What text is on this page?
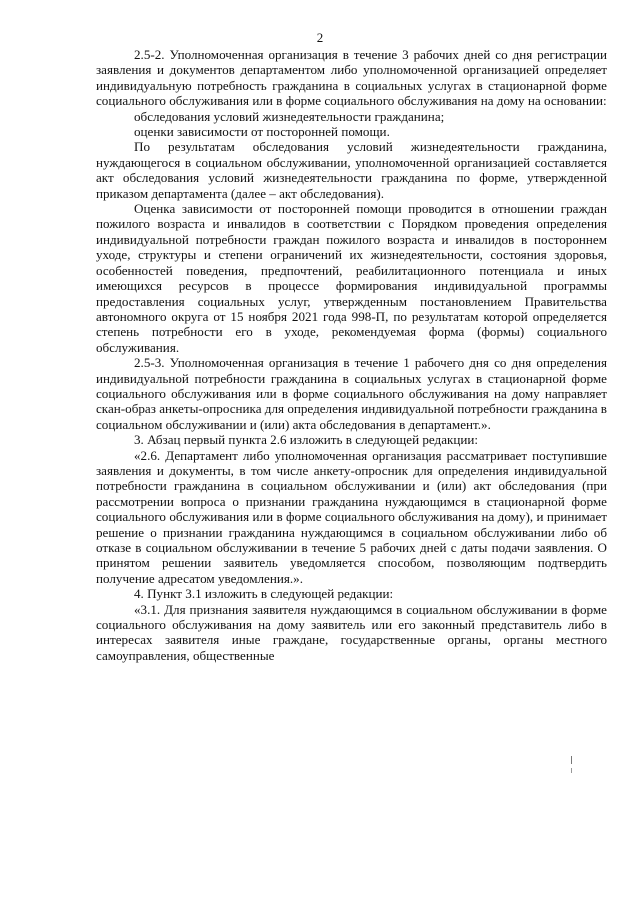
2

2.5-2. Уполномоченная организация в течение 3 рабочих дней со дня регистрации заявления и документов департаментом либо уполномоченной организацией определяет индивидуальную потребность гражданина в социальных услугах в стационарной форме социального обслуживания или в форме социального обслуживания на дому на основании:

обследования условий жизнедеятельности гражданина;

оценки зависимости от посторонней помощи.

По результатам обследования условий жизнедеятельности гражданина, нуждающегося в социальном обслуживании, уполномоченной организацией составляется акт обследования условий жизнедеятельности гражданина по форме, утвержденной приказом департамента (далее – акт обследования).

Оценка зависимости от посторонней помощи проводится в отношении граждан пожилого возраста и инвалидов в соответствии с Порядком проведения определения индивидуальной потребности граждан пожилого возраста и инвалидов в постороннем уходе, структуры и степени ограничений их жизнедеятельности, состояния здоровья, особенностей поведения, предпочтений, реабилитационного потенциала и иных имеющихся ресурсов в процессе формирования индивидуальной программы предоставления социальных услуг, утвержденным постановлением Правительства автономного округа от 15 ноября 2021 года 998-П, по результатам которой определяется степень потребности его в уходе, рекомендуемая форма (формы) социального обслуживания.

2.5-3. Уполномоченная организация в течение 1 рабочего дня со дня определения индивидуальной потребности гражданина в социальных услугах в стационарной форме социального обслуживания или в форме социального обслуживания на дому направляет скан-образ анкеты-опросника для определения индивидуальной потребности гражданина в социальном обслуживании и (или) акта обследования в департамент.».

3. Абзац первый пункта 2.6 изложить в следующей редакции:

«2.6. Департамент либо уполномоченная организация рассматривает поступившие заявления и документы, в том числе анкету-опросник для определения индивидуальной потребности гражданина в социальном обслуживании и (или) акт обследования (при рассмотрении вопроса о признании гражданина нуждающимся в стационарной форме социального обслуживания или в форме социального обслуживания на дому), и принимает решение о признании гражданина нуждающимся в социальном обслуживании либо об отказе в социальном обслуживании в течение 5 рабочих дней с даты подачи заявления. О принятом решении заявитель уведомляется способом, позволяющим подтвердить получение адресатом уведомления.».

4. Пункт 3.1 изложить в следующей редакции:

«3.1. Для признания заявителя нуждающимся в социальном обслуживании в форме социального обслуживания на дому заявитель или его законный представитель либо в интересах заявителя иные граждане, государственные органы, органы местного самоуправления, общественные
